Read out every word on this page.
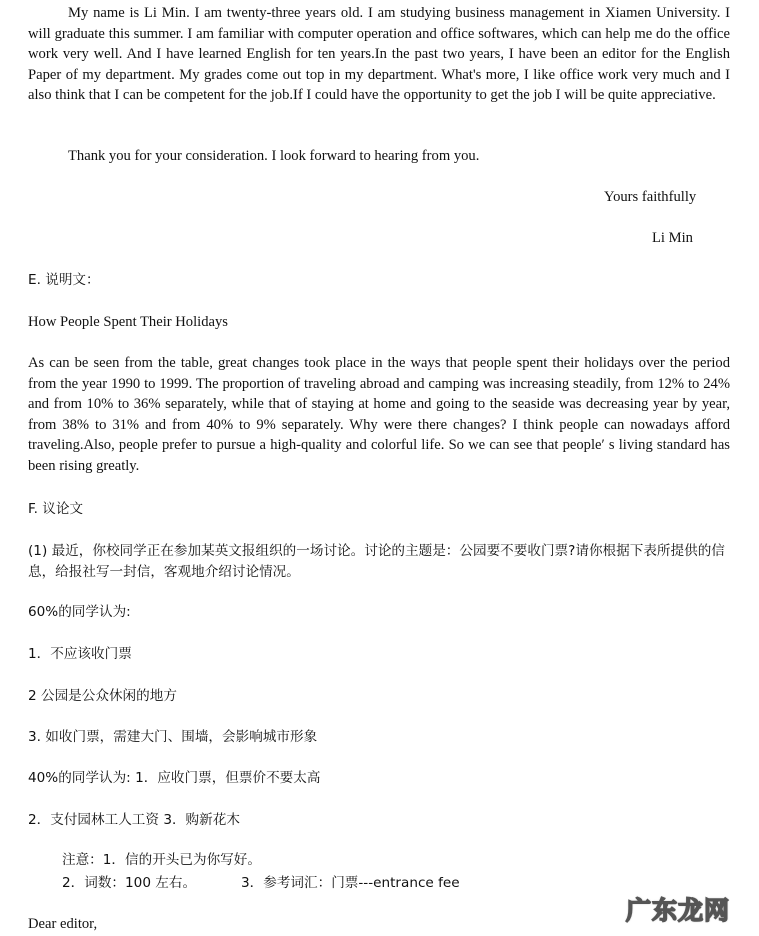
My name is Li Min. I am twenty-three years old. I am studying business management in Xiamen University. I will graduate this summer. I am familiar with computer operation and office softwares, which can help me do the office work very well. And I have learned English for ten years.In the past two years, I have been an editor for the English Paper of my department. My grades come out top in my department. What's more, I like office work very much and I also think that I can be competent for the job.If I could have the opportunity to get the job I will be quite appreciative.

Thank you for your consideration. I look forward to hearing from you.
Yours faithfully
Li Min
E. 说明文：
How People Spent Their Holidays

As can be seen from the table, great changes took place in the ways that people spent their holidays over the period from the year 1990 to 1999. The proportion of traveling abroad and camping was increasing steadily, from 12% to 24% and from 10% to 36% separately, while that of staying at home and going to the seaside was decreasing year by year, from 38% to 31% and from 40% to 9% separately. Why were there changes? I think people can nowadays afford traveling.Also, people prefer to pursue a high-quality and colorful life. So we can see that people′ s living standard has been rising greatly.

F. 议论文

(1) 最近，你校同学正在参加某英文报组织的一场讨论。讨论的主题是：公园要不要收门票?请你根据下表所提供的信息，给报社写一封信，客观地介绍讨论情况。

60%的同学认为:
1．不应该收门票
2 公园是公众休闲的地方
3. 如收门票，需建大门、围墙，会影响城市形象
40%的同学认为: 1．应收门票，但票价不要太高
2．支付园林工人工资 3．购新花木
注意：1．信的开头已为你写好。
2．词数：100 左右。	3．参考词汇：门票---entrance fee
Dear editor,	广东龙网
